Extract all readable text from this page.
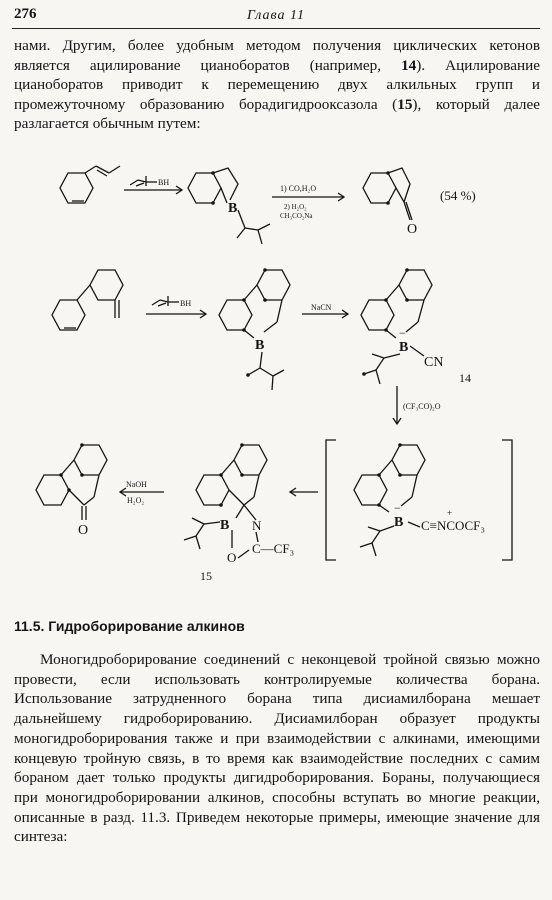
276	Глава 11
нами. Другим, более удобным методом получения циклических кетонов является ацилирование цианоборатов (например, 14). Ацилирование цианоборатов приводит к перемещению двух алкильных групп и промежуточному образованию борадигидрооксазола (15), который далее разлагается обычным путем:
BH
B
1) CO,H₂O
2) H₂O₂
CH₃CO₂Na
O
(54 %)
BH
B
NaCN
B
−
CN
14
(CF₃CO)₂O
B
−
C≡NCOCF₃
+
B N
O
C—CF₃
15
NaOH
H₂O₂
O
11.5. Гидроборирование алкинов
Моногидроборирование соединений с неконцевой тройной связью можно провести, если использовать контролируемые количества борана. Использование затрудненного борана типа дисиамилборана мешает дальнейшему гидроборированию. Дисиамилборан образует продукты моногидроборирования также и при взаимодействии с алкинами, имеющими концевую тройную связь, в то время как взаимодействие последних с самим бораном дает только продукты дигидроборирования. Бораны, получающиеся при моногидроборировании алкинов, способны вступать во многие реакции, описанные в разд. 11.3. Приведем некоторые примеры, имеющие значение для синтеза:
